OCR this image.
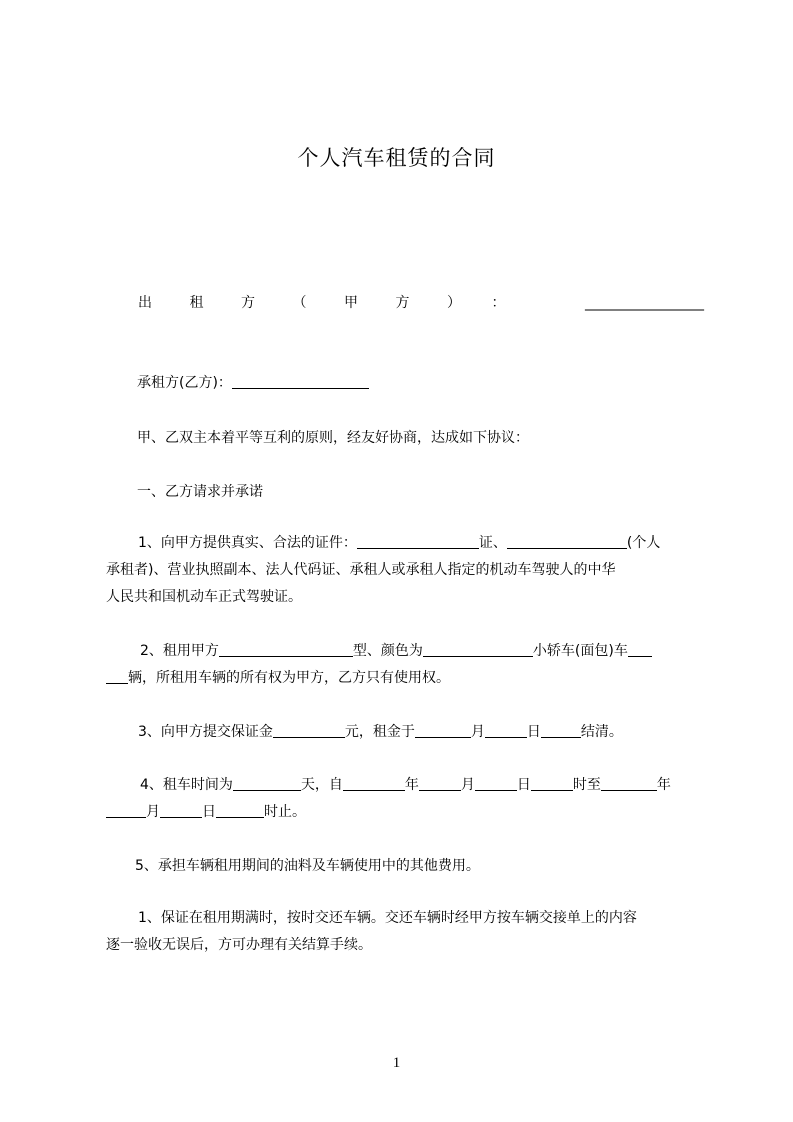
个人汽车租赁的合同
出租方（甲方）：	_________________
承租方(乙方)：
甲、乙双主本着平等互利的原则，经友好协商，达成如下协议：
一、乙方请求并承诺
1、向甲方提供真实、合法的证件：	证、	(个人
承租者)、营业执照副本、法人代码证、承租人或承租人指定的机动车驾驶人的中华
人民共和国机动车正式驾驶证。
2、租用甲方	型、颜色为	小轿车(面包)车
辆，所租用车辆的所有权为甲方，乙方只有使用权。
3、向甲方提交保证金	元，租金于	月	日	结清。
4、租车时间为	天，自	年	月	日	时至	年
月	日	时止。
5、承担车辆租用期间的油料及车辆使用中的其他费用。
1、保证在租用期满时，按时交还车辆。交还车辆时经甲方按车辆交接单上的内容
逐一验收无误后，方可办理有关结算手续。
1
